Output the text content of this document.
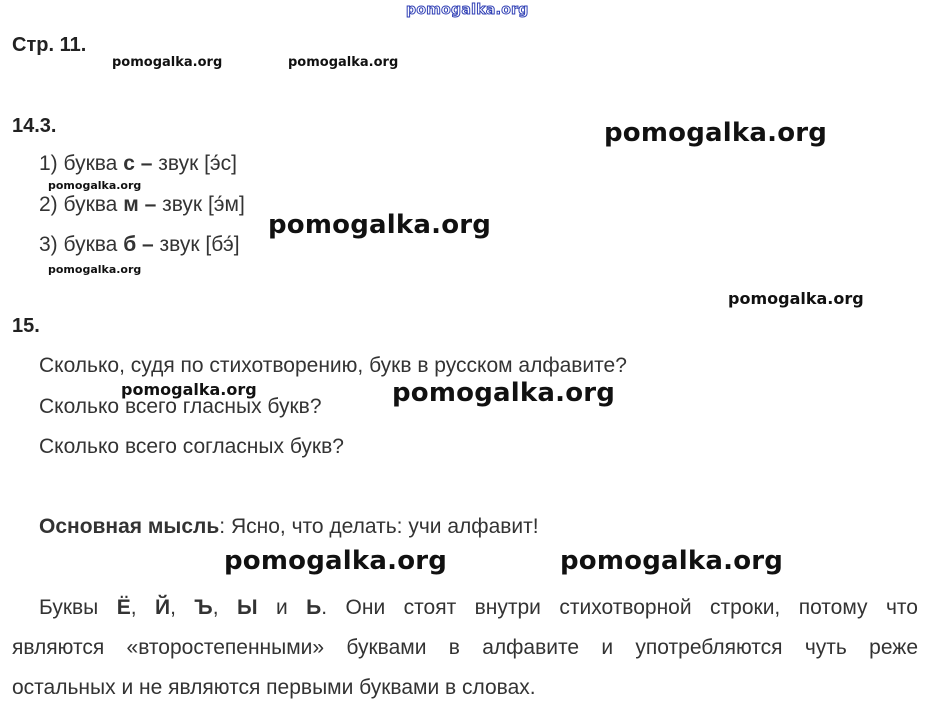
pomogalka.org
Стр. 11.
pomogalka.org	pomogalka.org
14.3.	pomogalka.org
1) буква с – звук [э́с]
pomogalka.org
2) буква м – звук [э́м]
pomogalka.org
3) буква б – звук [бэ́]
pomogalka.org
pomogalka.org
15.
Сколько, судя по стихотворению, букв в русском алфавите?
Сколько всего гласных букв?
pomogalka.org	pomogalka.org
Сколько всего согласных букв?
Основная мысль: Ясно, что делать: учи алфавит!
pomogalka.org	pomogalka.org
Буквы Ё, Й, Ъ, Ы и Ь. Они стоят внутри стихотворной строки, потому что
являются «второстепенными» буквами в алфавите и употребляются чуть реже
остальных и не являются первыми буквами в словах.
